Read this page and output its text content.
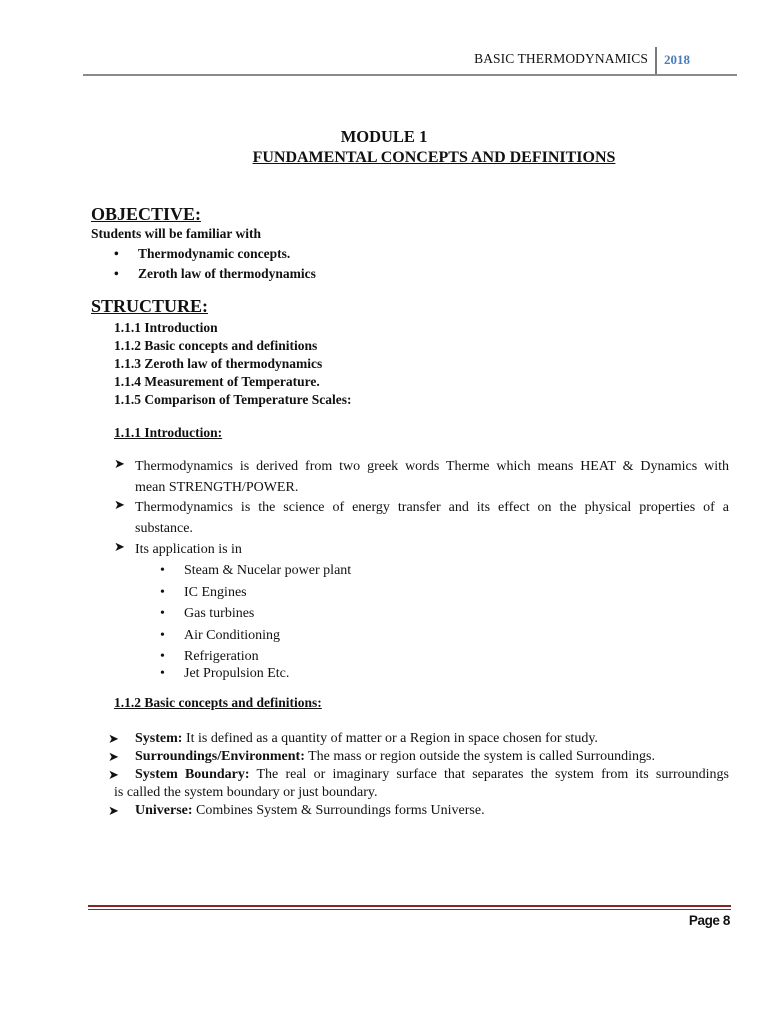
BASIC THERMODYNAMICS 2018
MODULE 1
FUNDAMENTAL CONCEPTS AND DEFINITIONS
OBJECTIVE:
Students will be familiar with
• Thermodynamic concepts.
• Zeroth law of thermodynamics
STRUCTURE:
1.1.1 Introduction
1.1.2 Basic concepts and definitions
1.1.3 Zeroth law of thermodynamics
1.1.4 Measurement of Temperature.
1.1.5 Comparison of Temperature Scales:
1.1.1 Introduction:
➤ Thermodynamics is derived from two greek words Therme which means HEAT & Dynamics with
mean STRENGTH/POWER.
➤ Thermodynamics is the science of energy transfer and its effect on the physical properties of a
substance.
➤ Its application is in
• Steam & Nucelar power plant
• IC Engines
• Gas turbines
• Air Conditioning
• Refrigeration
• Jet Propulsion Etc.
1.1.2 Basic concepts and definitions:
➤ System: It is defined as a quantity of matter or a Region in space chosen for study.
➤ Surroundings/Environment: The mass or region outside the system is called Surroundings.
➤ System Boundary: The real or imaginary surface that separates the system from its surroundings
is called the system boundary or just boundary.
➤ Universe: Combines System & Surroundings forms Universe.
Page 8
